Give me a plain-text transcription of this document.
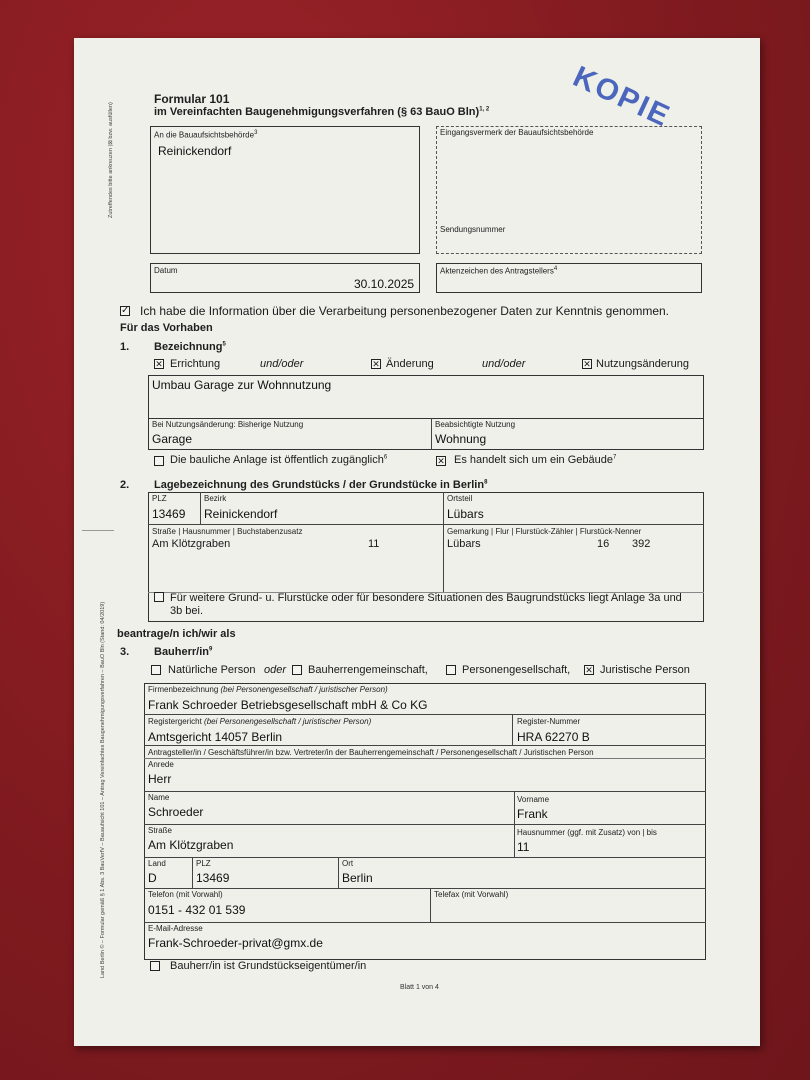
Zutreffendes bitte ankreuzen (⊠ bzw. ausfüllen)
Land Berlin © – Formular gemäß § 1 Abs. 3 BauVerfV – Bauaufsicht 101 – Antrag Vereinfachtes Baugenehmigungsverfahren – BauO Bln (Stand: 04/2019)
KOPIE
Formular 101
im Vereinfachten Baugenehmigungsverfahren (§ 63 BauO Bln)$^{1, 2}$
An die Bauaufsichtsbehörde$^3$
Reinickendorf
Eingangsvermerk der Bauaufsichtsbehörde
Sendungsnummer
Datum
30.10.2025
Aktenzeichen des Antragstellers$^4$
✓
Ich habe die Information über die Verarbeitung personenbezogener Daten zur Kenntnis genommen.
Für das Vorhaben
1. Bezeichnung$^5$
✕
Errichtung	und/oder ✕	Änderung	und/oder ✕	Nutzungsänderung
Umbau Garage zur Wohnnutzung
Bei Nutzungsänderung: Bisherige Nutzung
Garage
Beabsichtigte Nutzung
Wohnung
Die bauliche Anlage ist öffentlich zugänglich$^6$ ✕	Es handelt sich um ein Gebäude$^7$
2. Lagebezeichnung des Grundstücks / der Grundstücke in Berlin$^8$
PLZ
13469
Bezirk
Reinickendorf
Ortsteil
Lübars
Straße | Hausnummer | Buchstabenzusatz
Am Klötzgraben	11
Gemarkung | Flur | Flurstück-Zähler | Flurstück-Nenner
Lübars	16 392
Für weitere Grund- u. Flurstücke oder für besondere Situationen des Baugrundstücks liegt Anlage 3a und
3b bei.
beantrage/n ich/wir als
3. Bauherr/$in^9$
Natürliche Person oder Bauherrengemeinschaft,	Personengesellschaft, ✕	Juristische Person
Firmenbezeichnung (bei Personengesellschaft / juristischer Person)
Frank Schroeder Betriebsgesellschaft mbH & Co KG
Registergericht (bei Personengesellschaft / juristischer Person)
Amtsgericht 14057 Berlin
Register-Nummer
HRA 62270 B
Antragsteller/in / Geschäftsführer/in bzw. Vertreter/in der Bauherrengemeinschaft / Personengesellschaft / Juristischen Person
Anrede
Herr
Name
Schroeder
Vorname
Frank
Straße
Am Klötzgraben
Hausnummer (ggf. mit Zusatz) von | bis
11
Land
D
PLZ
13469
Ort
Berlin
Telefon (mit Vorwahl)
0151 - 432 01 539
Telefax (mit Vorwahl)
E-Mail-Adresse
Frank-Schroeder-privat@gmx.de
Bauherr/in ist Grundstückseigentümer/in
Blatt 1 von 4
